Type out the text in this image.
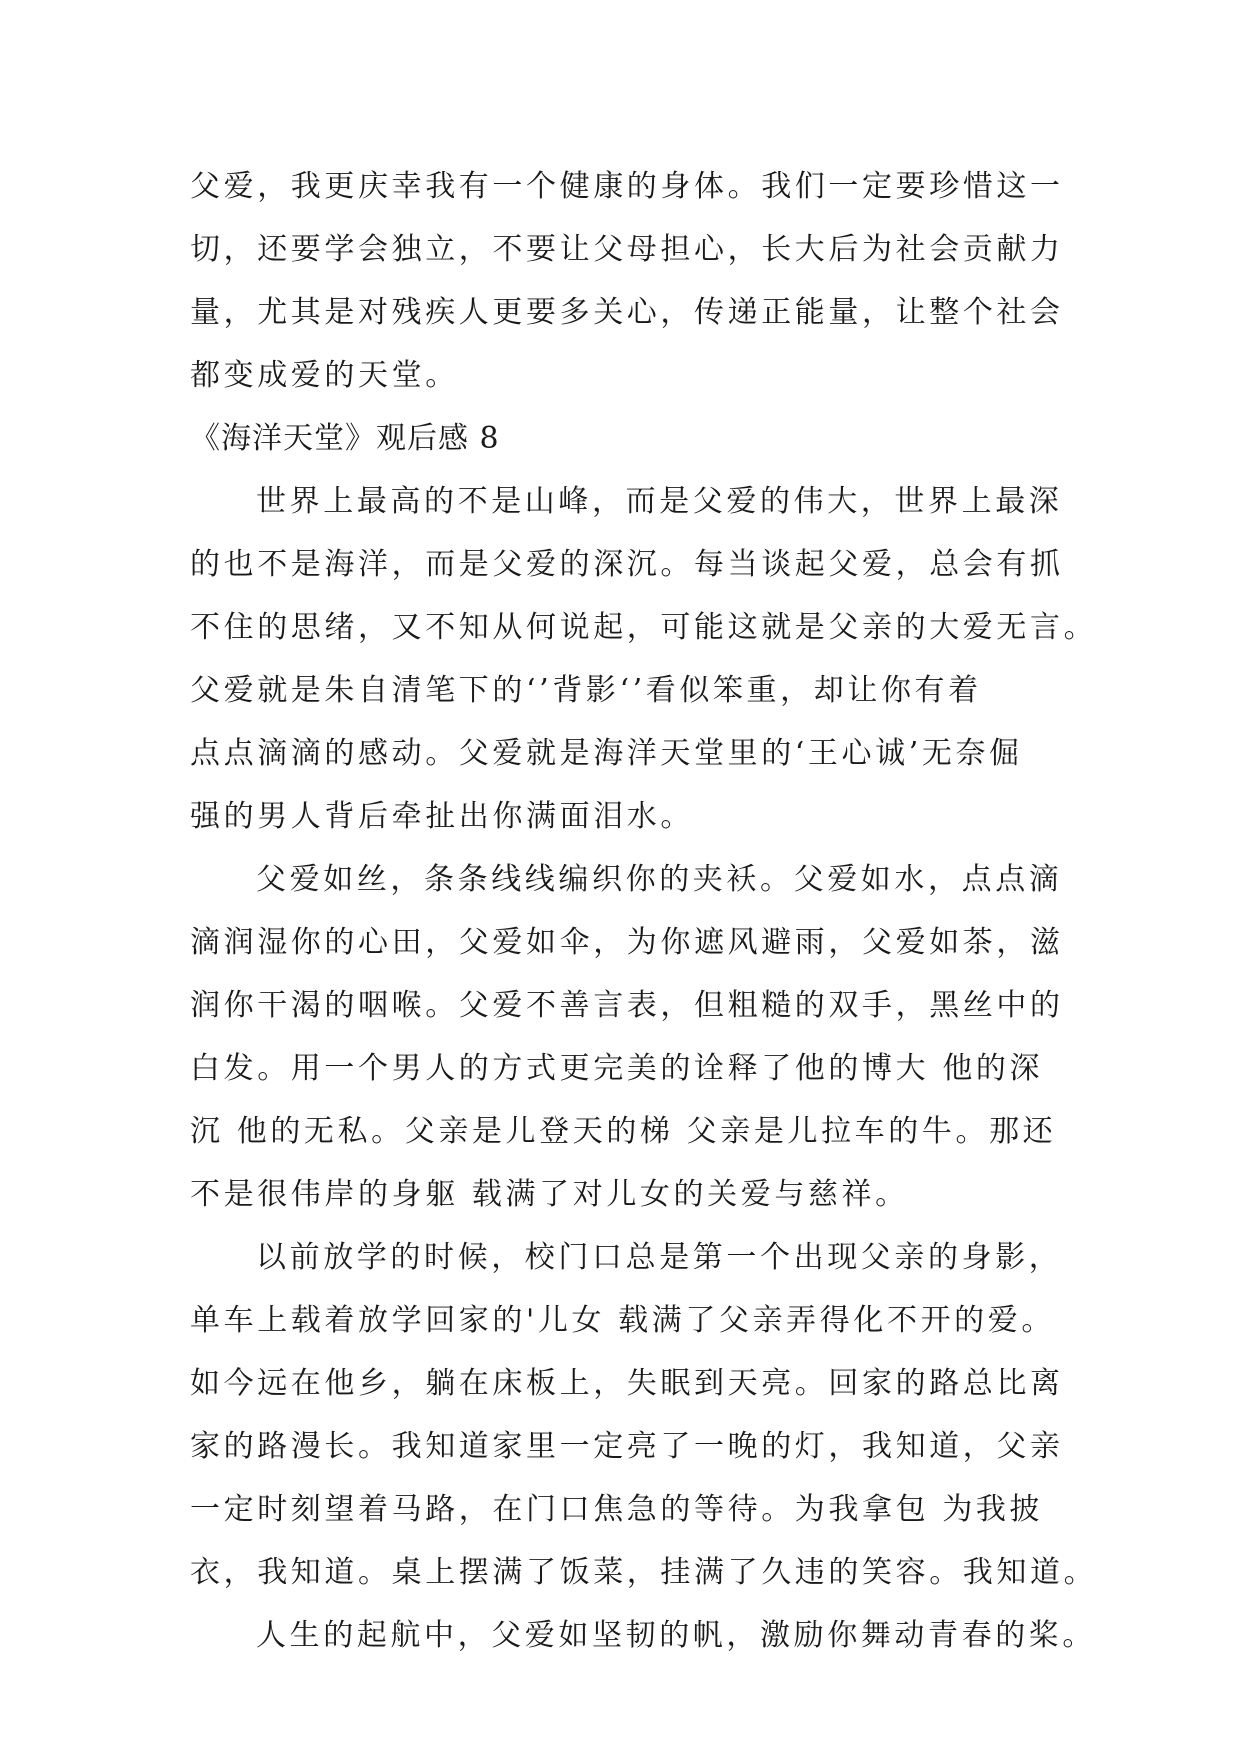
父爱，我更庆幸我有一个健康的身体。我们一定要珍惜这一
切，还要学会独立，不要让父母担心，长大后为社会贡献力
量，尤其是对残疾人更要多关心，传递正能量，让整个社会
都变成爱的天堂。
《海洋天堂》观后感 8
世界上最高的不是山峰，而是父爱的伟大，世界上最深
的也不是海洋，而是父爱的深沉。每当谈起父爱，总会有抓
不住的思绪，又不知从何说起，可能这就是父亲的大爱无言。
父爱就是朱自清笔下的‘’背影‘’看似笨重，却让你有着
点点滴滴的感动。父爱就是海洋天堂里的‘王心诚’无奈倔
强的男人背后牵扯出你满面泪水。
父爱如丝，条条线线编织你的夹袄。父爱如水，点点滴
滴润湿你的心田，父爱如伞，为你遮风避雨，父爱如茶，滋
润你干渴的咽喉。父爱不善言表，但粗糙的双手，黑丝中的
白发。用一个男人的方式更完美的诠释了他的博大 他的深
沉 他的无私。父亲是儿登天的梯 父亲是儿拉车的牛。那还
不是很伟岸的身躯 载满了对儿女的关爱与慈祥。
以前放学的时候，校门口总是第一个出现父亲的身影，
单车上载着放学回家的'儿女 载满了父亲弄得化不开的爱。
如今远在他乡，躺在床板上，失眠到天亮。回家的路总比离
家的路漫长。我知道家里一定亮了一晚的灯，我知道，父亲
一定时刻望着马路，在门口焦急的等待。为我拿包 为我披
衣，我知道。桌上摆满了饭菜，挂满了久违的笑容。我知道。
人生的起航中，父爱如坚韧的帆，激励你舞动青春的桨。
